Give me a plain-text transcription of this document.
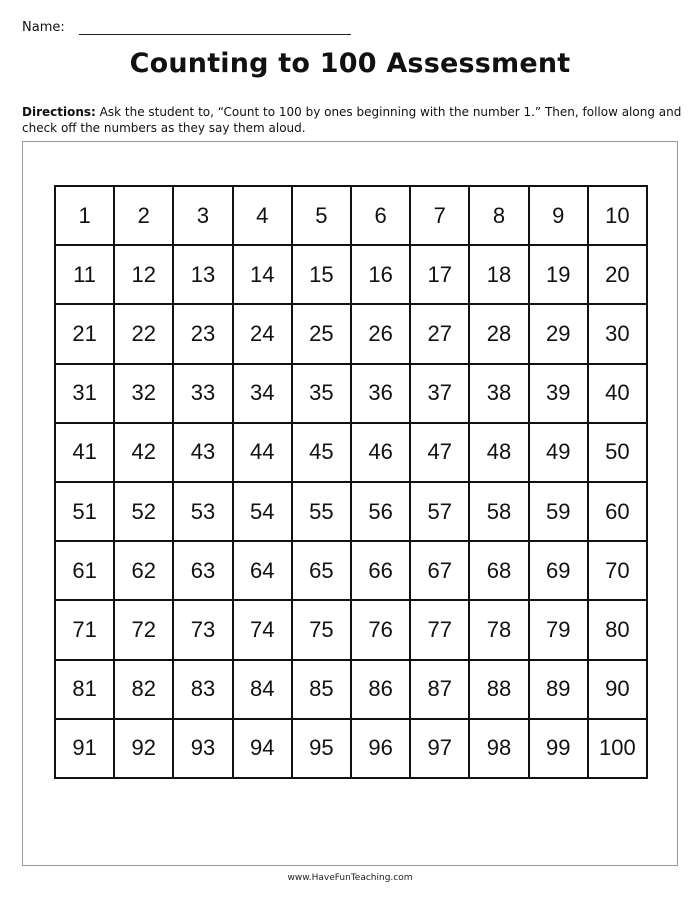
Name:
Counting to 100 Assessment
Directions: Ask the student to, “Count to 100 by ones beginning with the number 1.” Then, follow along and check off the numbers as they say them aloud.
1	2	3	4	5	6	7	8	9	10
11	12	13	14	15	16	17	18	19	20
21	22	23	24	25	26	27	28	29	30
31	32	33	34	35	36	37	38	39	40
41	42	43	44	45	46	47	48	49	50
51	52	53	54	55	56	57	58	59	60
61	62	63	64	65	66	67	68	69	70
71	72	73	74	75	76	77	78	79	80
81	82	83	84	85	86	87	88	89	90
91	92	93	94	95	96	97	98	99	100
www.HaveFunTeaching.com
